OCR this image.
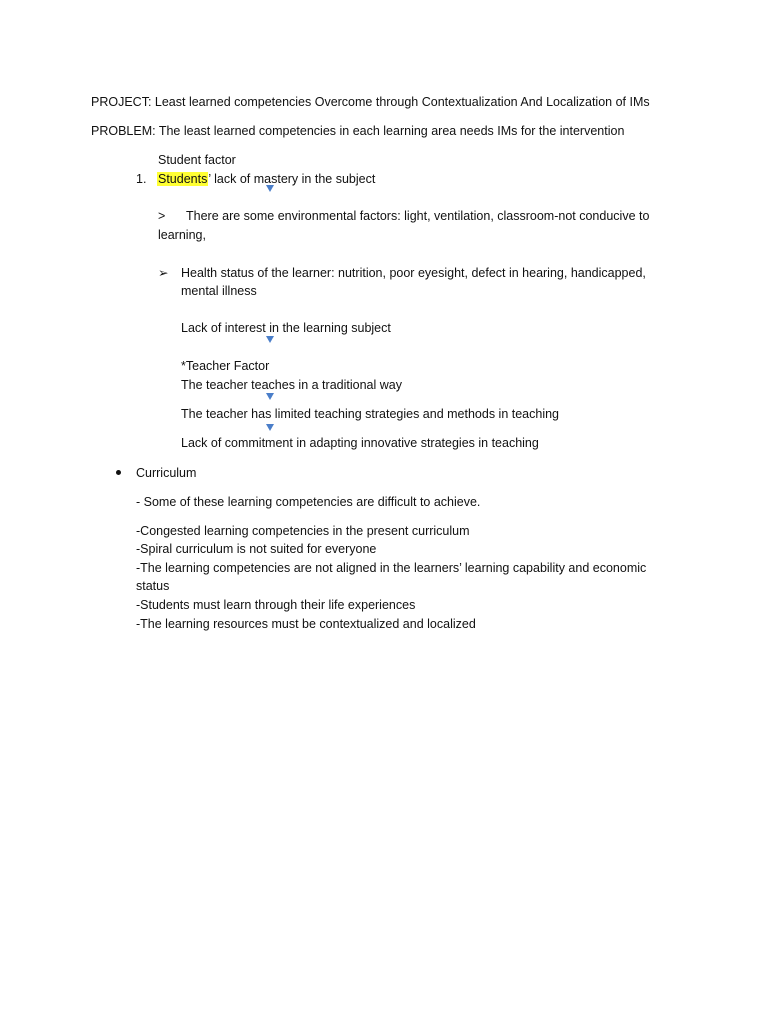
PROJECT: Least learned competencies Overcome through Contextualization And Localization of IMs
PROBLEM: The least learned competencies in each learning area needs IMs for the intervention
Student factor
1. Students’ lack of mastery in the subject
> There are some environmental factors: light, ventilation, classroom-not conducive to
learning,
➢ Health status of the learner: nutrition, poor eyesight, defect in hearing, handicapped,
mental illness
Lack of interest in the learning subject
*Teacher Factor
The teacher teaches in a traditional way
The teacher has limited teaching strategies and methods in teaching
Lack of commitment in adapting innovative strategies in teaching
Curriculum
- Some of these learning competencies are difficult to achieve.
-Congested learning competencies in the present curriculum
-Spiral curriculum is not suited for everyone
-The learning competencies are not aligned in the learners’ learning capability and economic
status
-Students must learn through their life experiences
-The learning resources must be contextualized and localized
